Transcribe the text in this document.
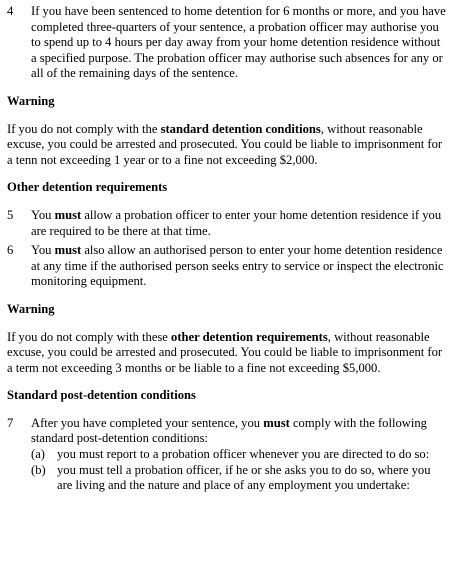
4	If you have been sentenced to home detention for 6 months or more, and you have completed three-quarters of your sentence, a probation officer may authorise you to spend up to 4 hours per day away from your home detention residence without a specified purpose. The probation officer may authorise such absences for any or all of the remaining days of the sentence.

Warning

If you do not comply with the standard detention conditions, without reasonable excuse, you could be arrested and prosecuted. You could be liable to imprisonment for a tenn not exceeding 1 year or to a fine not exceeding $2,000.

Other detention requirements

5	You must allow a probation officer to enter your home detention residence if you are required to be there at that time.
6	You must also allow an authorised person to enter your home detention residence at any time if the authorised person seeks entry to service or inspect the electronic monitoring equipment.

Warning

If you do not comply with these other detention requirements, without reasonable excuse, you could be arrested and prosecuted. You could be liable to imprisonment for a term not exceeding 3 months or be liable to a fine not exceeding $5,000.

Standard post-detention conditions

7	After you have completed your sentence, you must comply with the following standard post-detention conditions:
(a) you must report to a probation officer whenever you are directed to do so:
(b) you must tell a probation officer, if he or she asks you to do so, where you are living and the nature and place of any employment you undertake:
